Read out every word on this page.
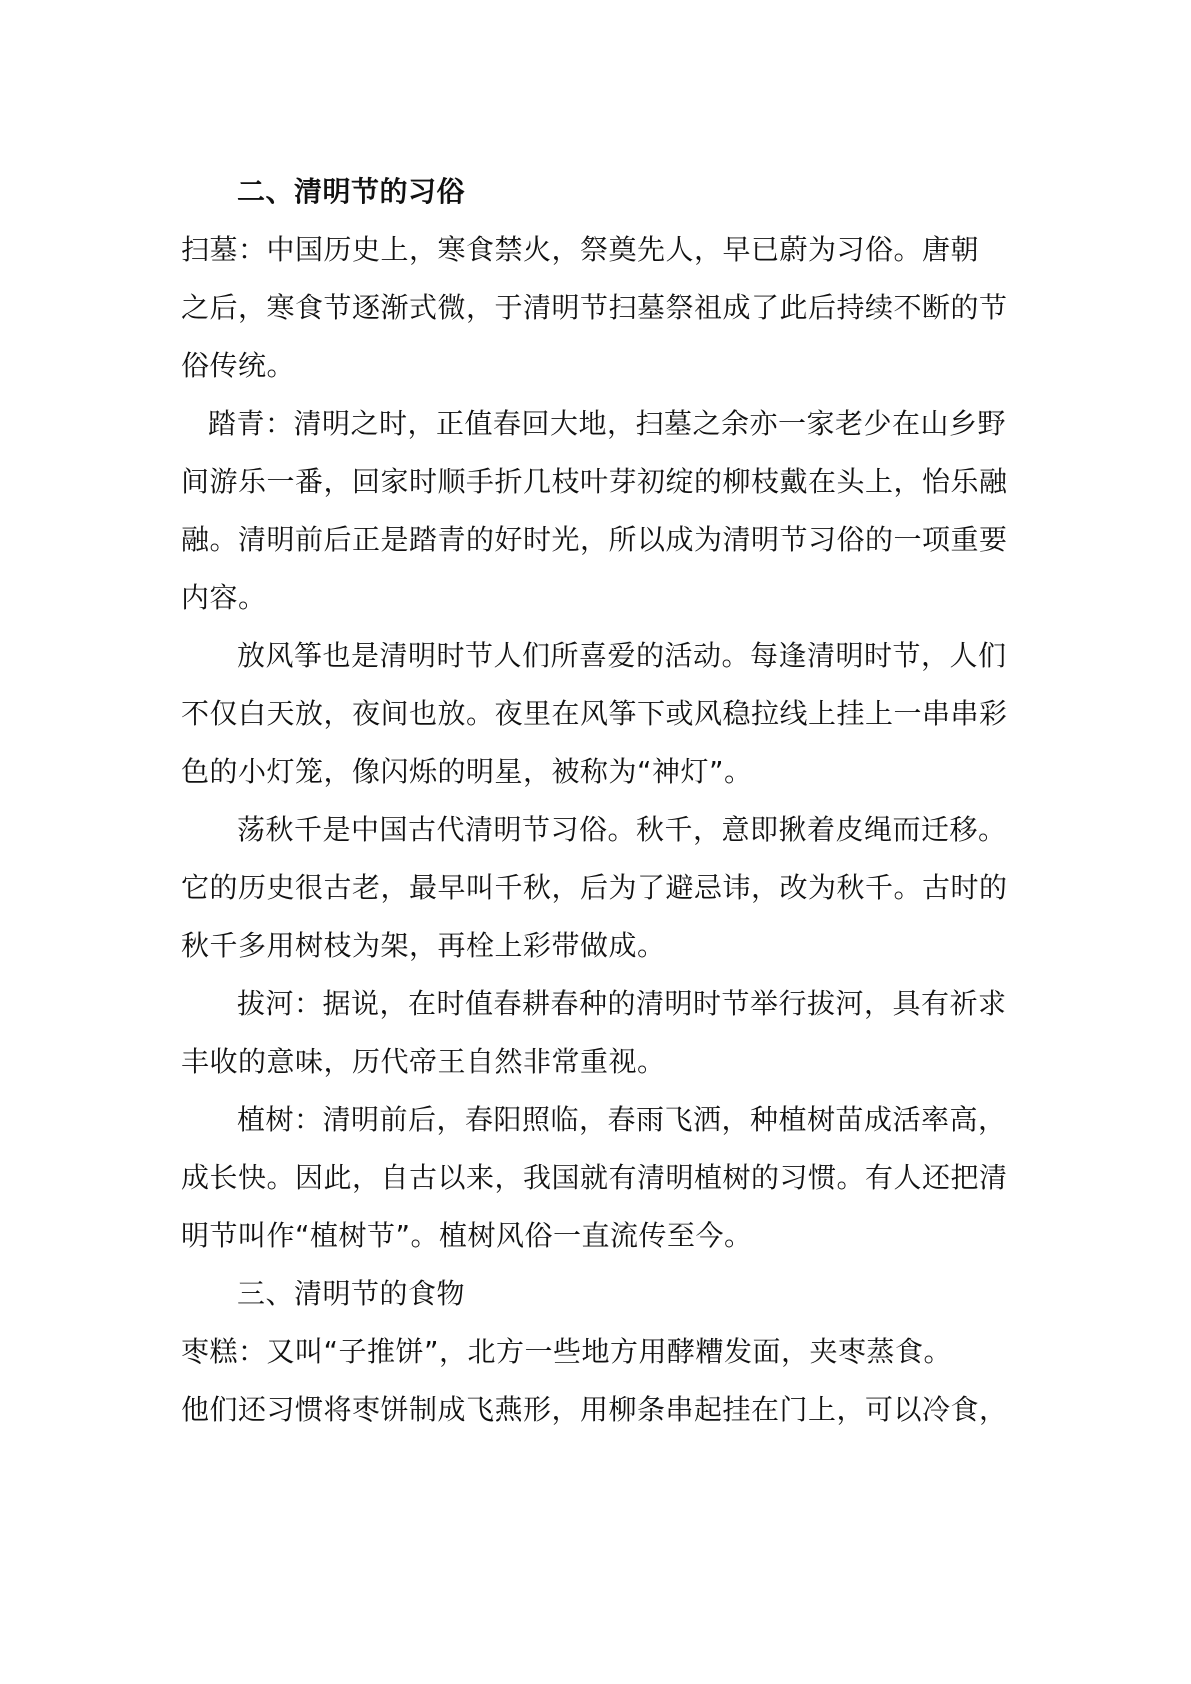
二、清明节的习俗
扫墓：中国历史上，寒食禁火，祭奠先人，早已蔚为习俗。唐朝
之后，寒食节逐渐式微，于清明节扫墓祭祖成了此后持续不断的节
俗传统。
踏青：清明之时，正值春回大地，扫墓之余亦一家老少在山乡野
间游乐一番，回家时顺手折几枝叶芽初绽的柳枝戴在头上，怡乐融
融。清明前后正是踏青的好时光，所以成为清明节习俗的一项重要
内容。
放风筝也是清明时节人们所喜爱的活动。每逢清明时节，人们
不仅白天放，夜间也放。夜里在风筝下或风稳拉线上挂上一串串彩
色的小灯笼，像闪烁的明星，被称为“神灯”。
荡秋千是中国古代清明节习俗。秋千，意即揪着皮绳而迁移。
它的历史很古老，最早叫千秋，后为了避忌讳，改为秋千。古时的
秋千多用树枝为架，再栓上彩带做成。
拔河：据说，在时值春耕春种的清明时节举行拔河，具有祈求
丰收的意味，历代帝王自然非常重视。
植树：清明前后，春阳照临，春雨飞洒，种植树苗成活率高，
成长快。因此，自古以来，我国就有清明植树的习惯。有人还把清
明节叫作“植树节”。植树风俗一直流传至今。
三、清明节的食物
枣糕：又叫“子推饼”，北方一些地方用酵糟发面，夹枣蒸食。
他们还习惯将枣饼制成飞燕形，用柳条串起挂在门上，可以冷食，
